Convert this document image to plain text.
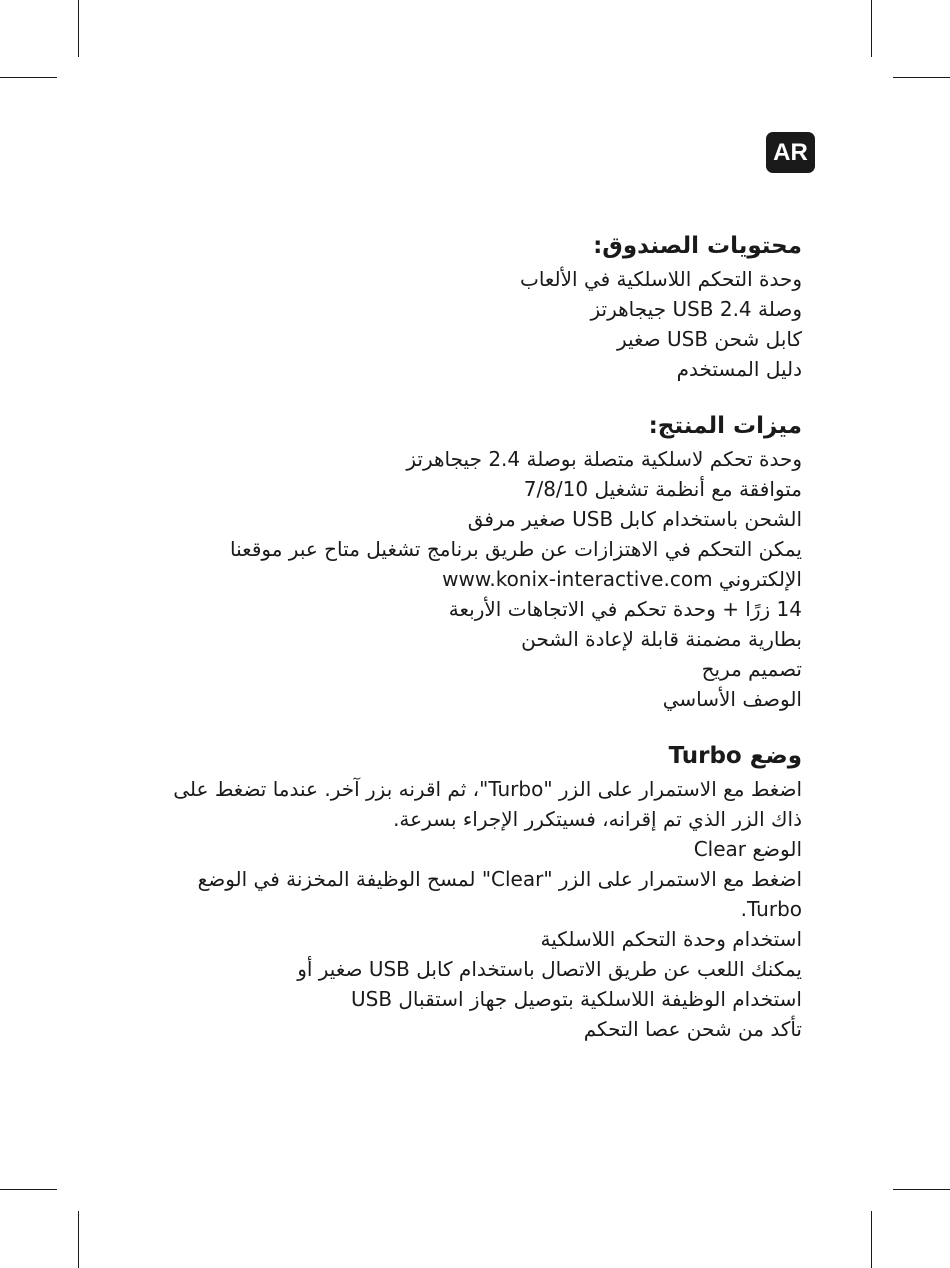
AR

محتويات الصندوق:

وحدة التحكم اللاسلكية في الألعاب

وصلة USB 2.4 جيجاهرتز

كابل شحن USB صغير

دليل المستخدم

ميزات المنتج:

وحدة تحكم لاسلكية متصلة بوصلة 2.4 جيجاهرتز

متوافقة مع أنظمة تشغيل 7/8/10

الشحن باستخدام كابل USB صغير مرفق

يمكن التحكم في الاهتزازات عن طريق برنامج تشغيل متاح عبر موقعنا

الإلكتروني www.konix-interactive.com

14 زرًا + وحدة تحكم في الاتجاهات الأربعة

بطارية مضمنة قابلة لإعادة الشحن

تصميم مريح

الوصف الأساسي

وضع Turbo

اضغط مع الاستمرار على الزر "Turbo"، ثم اقرنه بزر آخر. عندما تضغط على

ذاك الزر الذي تم إقرانه، فسيتكرر الإجراء بسرعة.

الوضع Clear

اضغط مع الاستمرار على الزر "Clear" لمسح الوظيفة المخزنة في الوضع

Turbo.

استخدام وحدة التحكم اللاسلكية

يمكنك اللعب عن طريق الاتصال باستخدام كابل USB صغير أو

استخدام الوظيفة اللاسلكية بتوصيل جهاز استقبال USB

تأكد من شحن عصا التحكم
